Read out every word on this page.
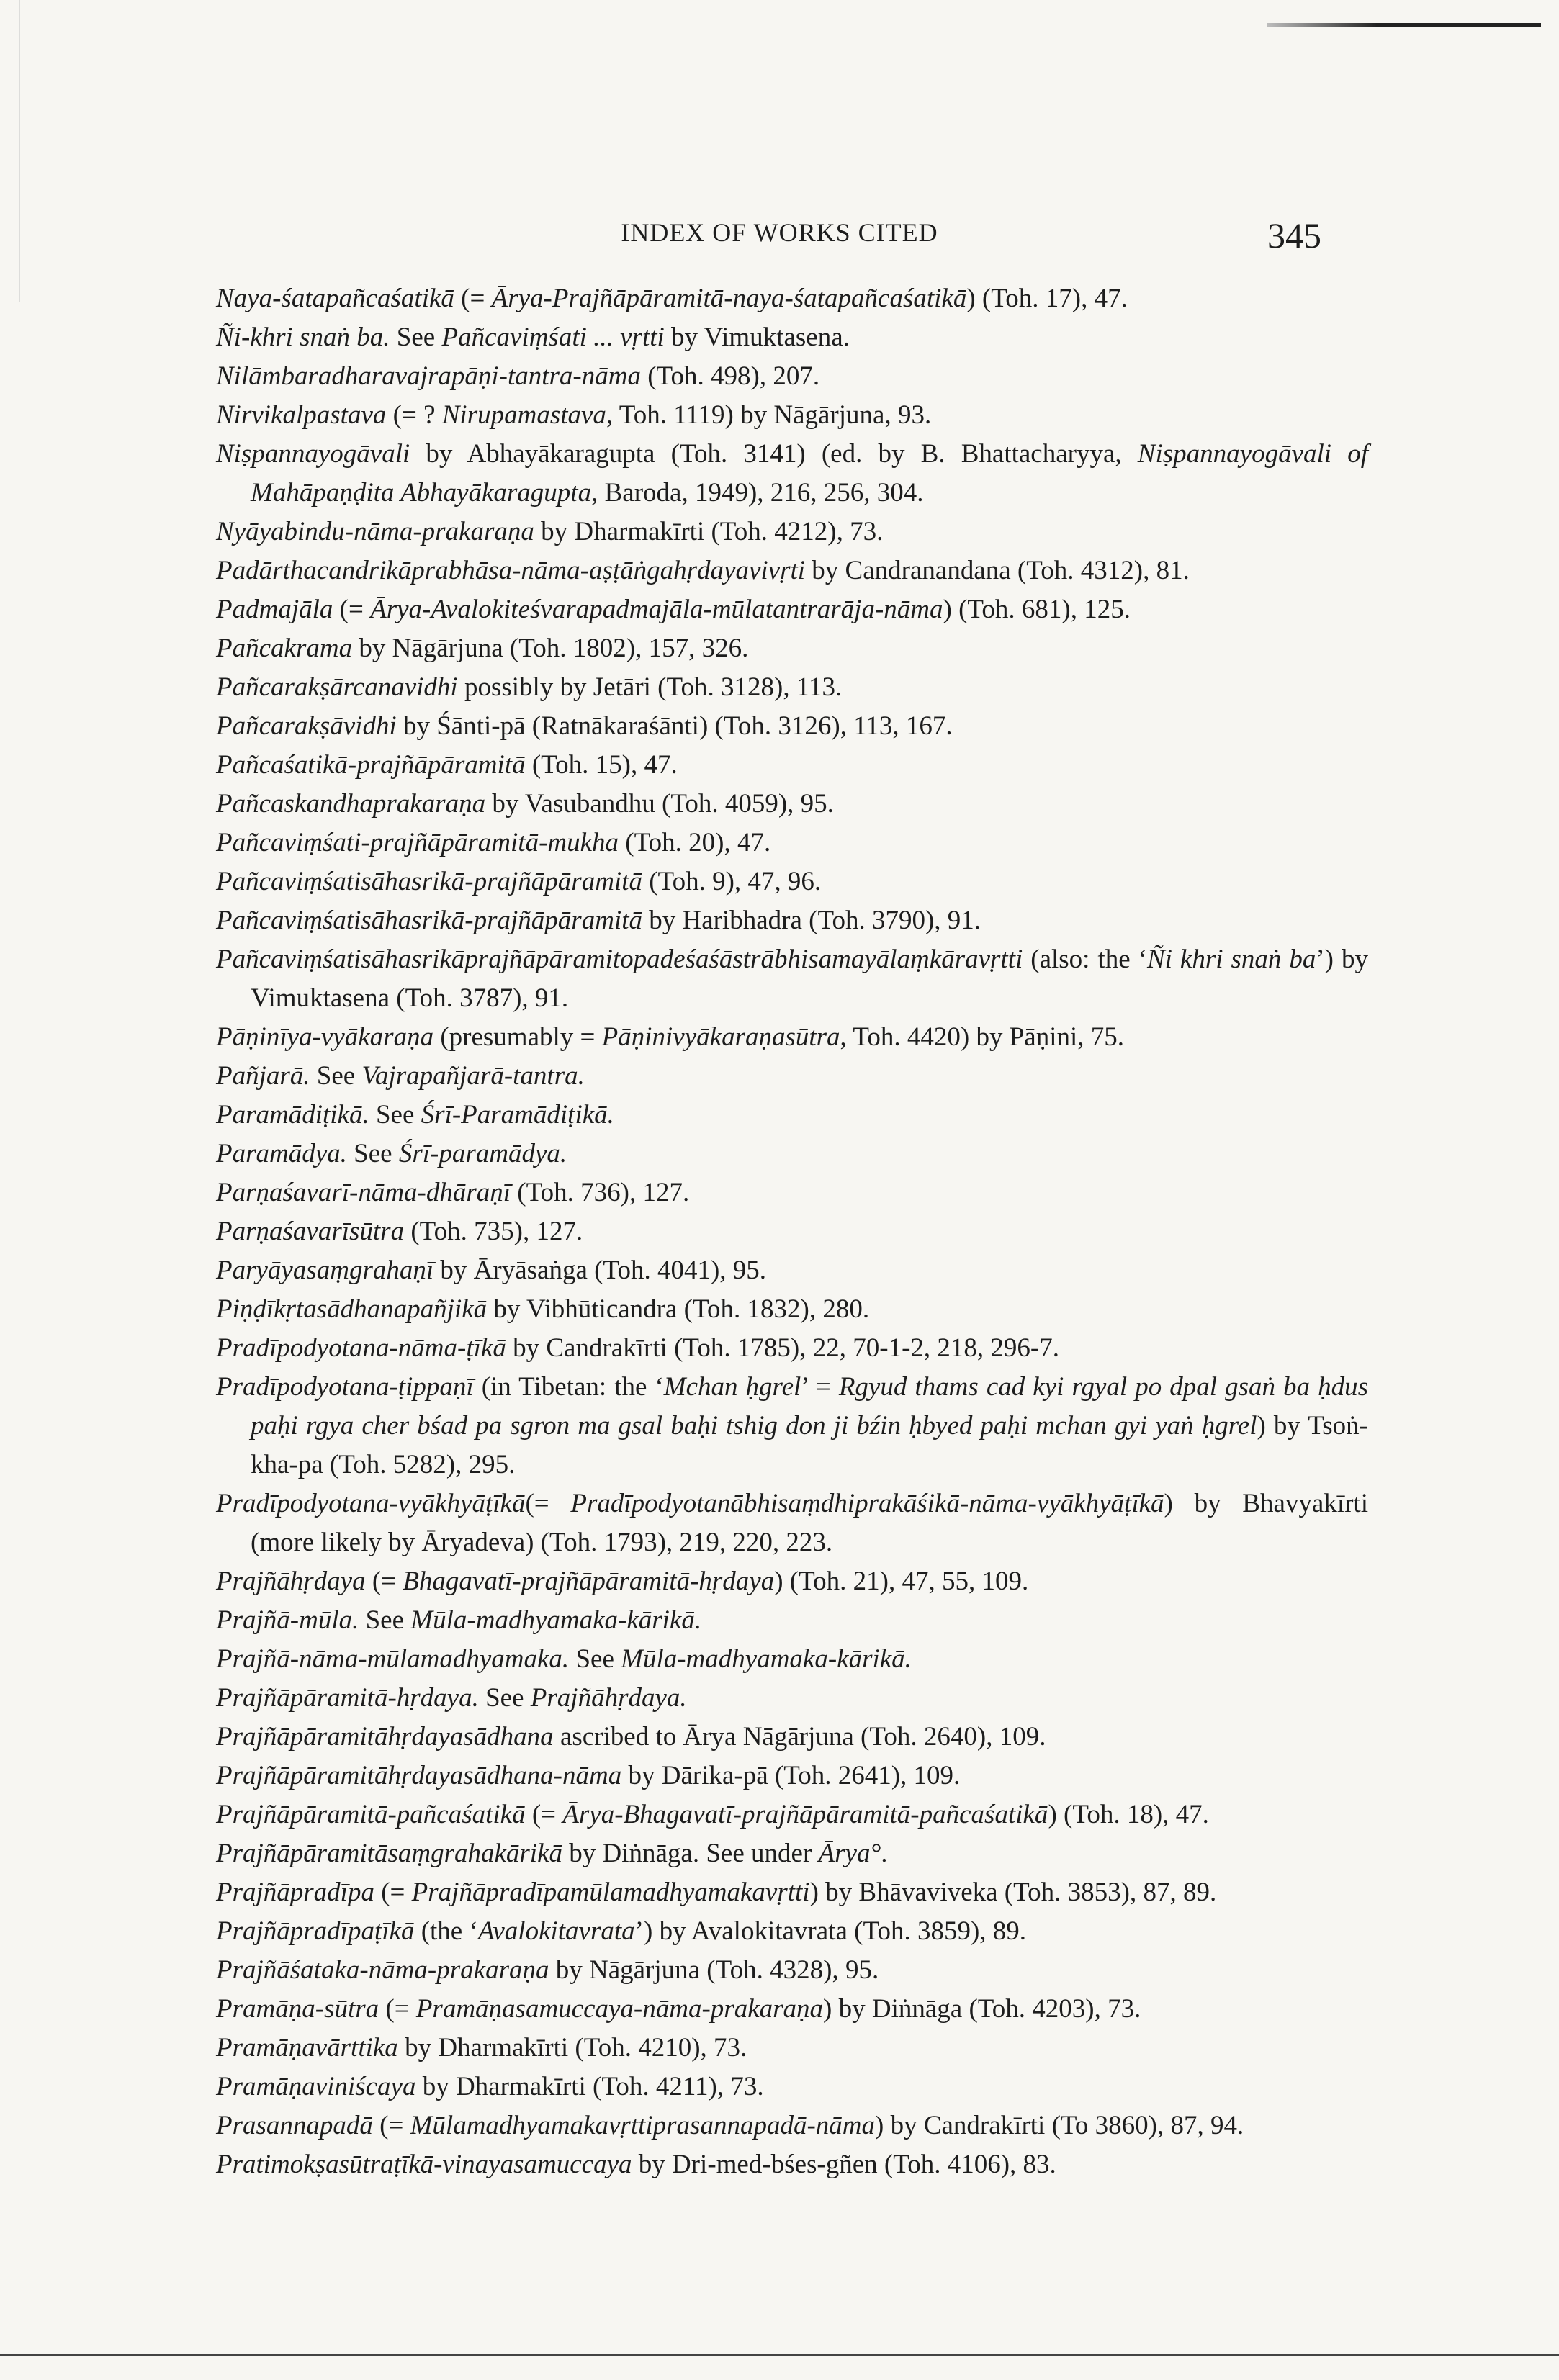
INDEX OF WORKS CITED	345
Naya-śatapañcaśatikā (= Ārya-Prajñāpāramitā-naya-śatapañcaśatikā) (Toh. 17), 47.
Ñi-khri snaṅ ba. See Pañcaviṃśati ... vṛtti by Vimuktasena.
Nilāmbaradharavajrapāṇi-tantra-nāma (Toh. 498), 207.
Nirvikalpastava (= ? Nirupamastava, Toh. 1119) by Nāgārjuna, 93.
Niṣpannayogāvali by Abhayākaragupta (Toh. 3141) (ed. by B. Bhattacharyya, Niṣpannayogāvali of Mahāpaṇḍita Abhayākaragupta, Baroda, 1949), 216, 256, 304.
Nyāyabindu-nāma-prakaraṇa by Dharmakīrti (Toh. 4212), 73.
Padārthacandrikāprabhāsa-nāma-aṣṭāṅgahṛdayavivṛti by Candranandana (Toh. 4312), 81.
Padmajāla (= Ārya-Avalokiteśvarapadmajāla-mūlatantrarāja-nāma) (Toh. 681), 125.
Pañcakrama by Nāgārjuna (Toh. 1802), 157, 326.
Pañcarakṣārcanavidhi possibly by Jetāri (Toh. 3128), 113.
Pañcarakṣāvidhi by Śānti-pā (Ratnākaraśānti) (Toh. 3126), 113, 167.
Pañcaśatikā-prajñāpāramitā (Toh. 15), 47.
Pañcaskandhaprakaraṇa by Vasubandhu (Toh. 4059), 95.
Pañcaviṃśati-prajñāpāramitā-mukha (Toh. 20), 47.
Pañcaviṃśatisāhasrikā-prajñāpāramitā (Toh. 9), 47, 96.
Pañcaviṃśatisāhasrikā-prajñāpāramitā by Haribhadra (Toh. 3790), 91.
Pañcaviṃśatisāhasrikāprajñāpāramitopadeśaśāstrābhisamayālaṃkāravṛtti (also: the ‘Ñi khri snaṅ ba’) by Vimuktasena (Toh. 3787), 91.
Pāṇinīya-vyākaraṇa (presumably = Pāṇinivyākaraṇasūtra, Toh. 4420) by Pāṇini, 75.
Pañjarā. See Vajrapañjarā-tantra.
Paramādiṭikā. See Śrī-Paramādiṭikā.
Paramādya. See Śrī-paramādya.
Parṇaśavarī-nāma-dhāraṇī (Toh. 736), 127.
Parṇaśavarīsūtra (Toh. 735), 127.
Paryāyasaṃgrahaṇī by Āryāsaṅga (Toh. 4041), 95.
Piṇḍīkṛtasādhanapañjikā by Vibhūticandra (Toh. 1832), 280.
Pradīpodyotana-nāma-ṭīkā by Candrakīrti (Toh. 1785), 22, 70-1-2, 218, 296-7.
Pradīpodyotana-ṭippaṇī (in Tibetan: the ‘Mchan ḥgrel’ = Rgyud thams cad kyi rgyal po dpal gsaṅ ba ḥdus paḥi rgya cher bśad pa sgron ma gsal baḥi tshig don ji bźin ḥbyed paḥi mchan gyi yaṅ ḥgrel) by Tsoṅ-kha-pa (Toh. 5282), 295.
Pradīpodyotana-vyākhyāṭīkā(= Pradīpodyotanābhisaṃdhiprakāśikā-nāma-vyākhyāṭīkā) by Bhavyakīrti (more likely by Āryadeva) (Toh. 1793), 219, 220, 223.
Prajñāhṛdaya (= Bhagavatī-prajñāpāramitā-hṛdaya) (Toh. 21), 47, 55, 109.
Prajñā-mūla. See Mūla-madhyamaka-kārikā.
Prajñā-nāma-mūlamadhyamaka. See Mūla-madhyamaka-kārikā.
Prajñāpāramitā-hṛdaya. See Prajñāhṛdaya.
Prajñāpāramitāhṛdayasādhana ascribed to Ārya Nāgārjuna (Toh. 2640), 109.
Prajñāpāramitāhṛdayasādhana-nāma by Dārika-pā (Toh. 2641), 109.
Prajñāpāramitā-pañcaśatikā (= Ārya-Bhagavatī-prajñāpāramitā-pañcaśatikā) (Toh. 18), 47.
Prajñāpāramitāsaṃgrahakārikā by Diṅnāga. See under Ārya°.
Prajñāpradīpa (= Prajñāpradīpamūlamadhyamakavṛtti) by Bhāvaviveka (Toh. 3853), 87, 89.
Prajñāpradīpaṭīkā (the ‘Avalokitavrata’) by Avalokitavrata (Toh. 3859), 89.
Prajñāśataka-nāma-prakaraṇa by Nāgārjuna (Toh. 4328), 95.
Pramāṇa-sūtra (= Pramāṇasamuccaya-nāma-prakaraṇa) by Diṅnāga (Toh. 4203), 73.
Pramāṇavārttika by Dharmakīrti (Toh. 4210), 73.
Pramāṇaviniścaya by Dharmakīrti (Toh. 4211), 73.
Prasannapadā (= Mūlamadhyamakavṛttiprasannapadā-nāma) by Candrakīrti (To 3860), 87, 94.
Pratimokṣasūtraṭīkā-vinayasamuccaya by Dri-med-bśes-gñen (Toh. 4106), 83.
